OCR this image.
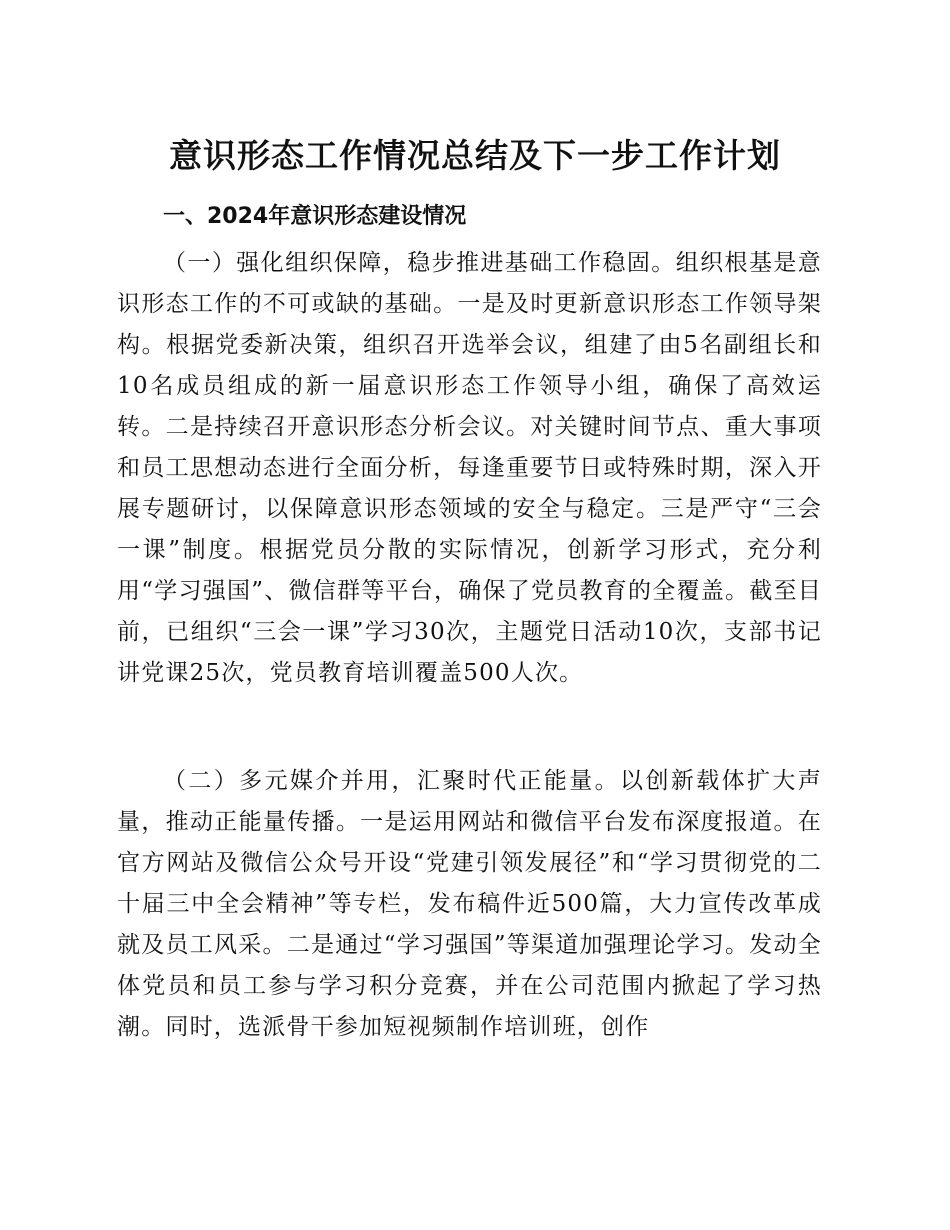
意识形态工作情况总结及下一步工作计划
一、2024年意识形态建设情况

（一）强化组织保障，稳步推进基础工作稳固。组织根基是意识形态工作的不可或缺的基础。一是及时更新意识形态工作领导架构。根据党委新决策，组织召开选举会议，组建了由5名副组长和10名成员组成的新一届意识形态工作领导小组，确保了高效运转。二是持续召开意识形态分析会议。对关键时间节点、重大事项和员工思想动态进行全面分析，每逢重要节日或特殊时期，深入开展专题研讨，以保障意识形态领域的安全与稳定。三是严守“三会一课”制度。根据党员分散的实际情况，创新学习形式，充分利用“学习强国”、微信群等平台，确保了党员教育的全覆盖。截至目前，已组织“三会一课”学习30次，主题党日活动10次，支部书记讲党课25次，党员教育培训覆盖500人次。

（二）多元媒介并用，汇聚时代正能量。以创新载体扩大声量，推动正能量传播。一是运用网站和微信平台发布深度报道。在官方网站及微信公众号开设“党建引领发展径”和“学习贯彻党的二十届三中全会精神”等专栏，发布稿件近500篇，大力宣传改革成就及员工风采。二是通过“学习强国”等渠道加强理论学习。发动全体党员和员工参与学习积分竞赛，并在公司范围内掀起了学习热潮。同时，选派骨干参加短视频制作培训班，创作
